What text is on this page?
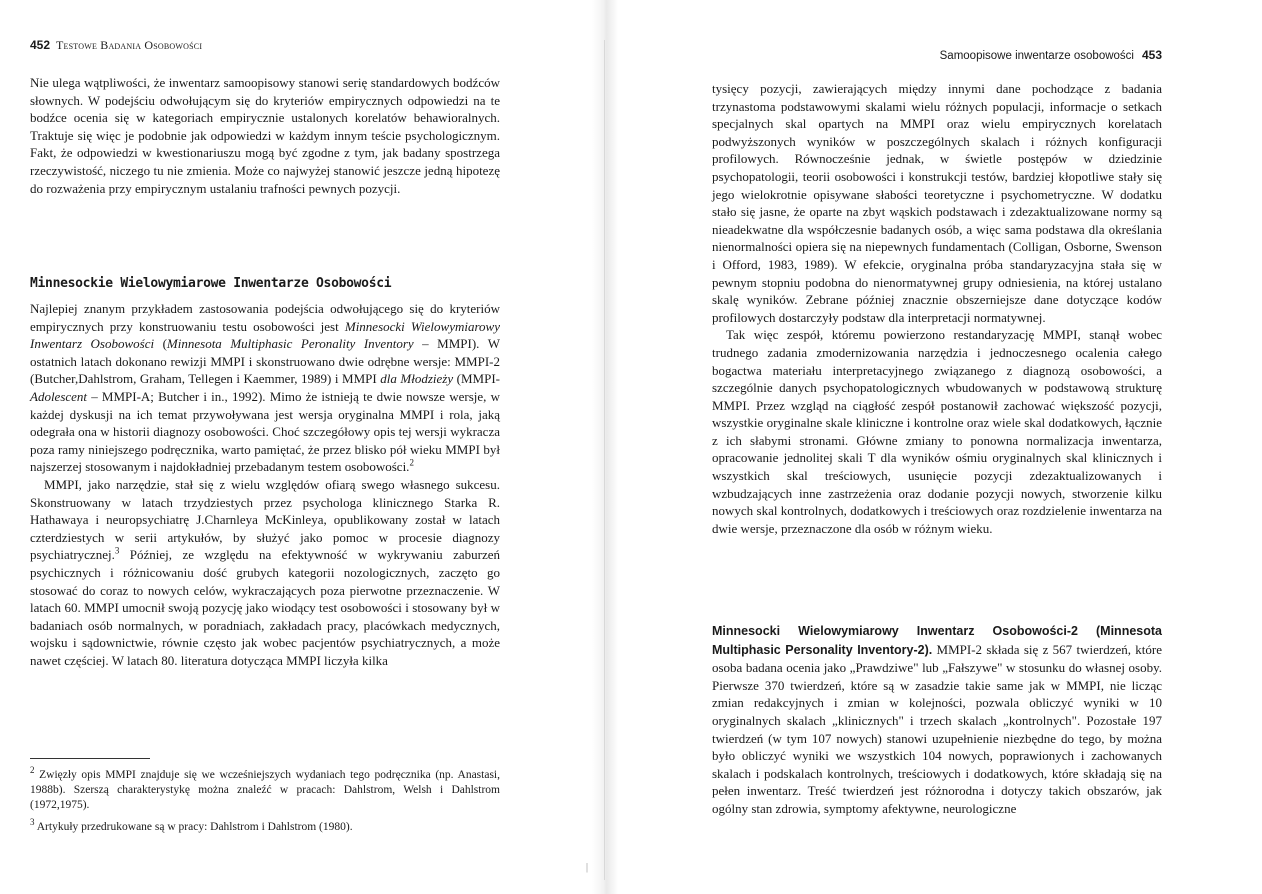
452 Testowe Badania Osobowości

Nie ulega wątpliwości, że inwentarz samoopisowy stanowi serię standardowych bodźców słownych. W podejściu odwołującym się do kryteriów empirycznych odpowiedzi na te bodźce ocenia się w kategoriach empirycznie ustalonych korelatów behawioralnych. Traktuje się więc je podobnie jak odpowiedzi w każdym innym teście psychologicznym. Fakt, że odpowiedzi w kwestionariuszu mogą być zgodne z tym, jak badany spostrzega rzeczywistość, niczego tu nie zmienia. Może co najwyżej stanowić jeszcze jedną hipotezę do rozważenia przy empirycznym ustalaniu trafności pewnych pozycji.

Minnesockie Wielowymiarowe Inwentarze Osobowości

Najlepiej znanym przykładem zastosowania podejścia odwołującego się do kryteriów empirycznych przy konstruowaniu testu osobowości jest Minnesocki Wielowymiarowy Inwentarz Osobowości (Minnesota Multiphasic Peronality Inventory – MMPI). W ostatnich latach dokonano rewizji MMPI i skonstruowano dwie odrębne wersje: MMPI-2 (Butcher,Dahlstrom, Graham, Tellegen i Kaemmer, 1989) i MMPI dla Młodzieży (MMPI-Adolescent – MMPI-A; Butcher i in., 1992). Mimo że istnieją te dwie nowsze wersje, w każdej dyskusji na ich temat przywoływana jest wersja oryginalna MMPI i rola, jaką odegrała ona w historii diagnozy osobowości. Choć szczegółowy opis tej wersji wykracza poza ramy niniejszego podręcznika, warto pamiętać, że przez blisko pół wieku MMPI był najszerzej stosowanym i najdokładniej przebadanym testem osobowości.$^2$

MMPI, jako narzędzie, stał się z wielu względów ofiarą swego własnego sukcesu. Skonstruowany w latach trzydziestych przez psychologa klinicznego Starka R. Hathawaya i neuropsychiatrę J.Charnleya McKinleya, opublikowany został w latach czterdziestych w serii artykułów, by służyć jako pomoc w procesie diagnozy psychiatrycznej.$^3$ Później, ze względu na efektywność w wykrywaniu zaburzeń psychicznych i różnicowaniu dość grubych kategorii nozologicznych, zaczęto go stosować do coraz to nowych celów, wykraczających poza pierwotne przeznaczenie. W latach 60. MMPI umocnił swoją pozycję jako wiodący test osobowości i stosowany był w badaniach osób normalnych, w poradniach, zakładach pracy, placówkach medycznych, wojsku i sądownictwie, równie często jak wobec pacjentów psychiatrycznych, a może nawet częściej. W latach 80. literatura dotycząca MMPI liczyła kilka

$^2$ Zwięzły opis MMPI znajduje się we wcześniejszych wydaniach tego podręcznika (np. Anastasi, 1988b). Szerszą charakterystykę można znaleźć w pracach: Dahlstrom, Welsh i Dahlstrom (1972,1975).

$^3$ Artykuły przedrukowane są w pracy: Dahlstrom i Dahlstrom (1980).

Samoopisowe inwentarze osobowości 453

tysięcy pozycji, zawierających między innymi dane pochodzące z badania trzynastoma podstawowymi skalami wielu różnych populacji, informacje o setkach specjalnych skal opartych na MMPI oraz wielu empirycznych korelatach podwyższonych wyników w poszczególnych skalach i różnych konfiguracji profilowych. Równocześnie jednak, w świetle postępów w dziedzinie psychopatologii, teorii osobowości i konstrukcji testów, bardziej kłopotliwe stały się jego wielokrotnie opisywane słabości teoretyczne i psychometryczne. W dodatku stało się jasne, że oparte na zbyt wąskich podstawach i zdezaktualizowane normy są nieadekwatne dla współczesnie badanych osób, a więc sama podstawa dla określania nienormalności opiera się na niepewnych fundamentach (Colligan, Osborne, Swenson i Offord, 1983, 1989). W efekcie, oryginalna próba standaryzacyjna stała się w pewnym stopniu podobna do nienormatywnej grupy odniesienia, na której ustalano skalę wyników. Zebrane później znacznie obszerniejsze dane dotyczące kodów profilowych dostarczyły podstaw dla interpretacji normatywnej.

Tak więc zespół, któremu powierzono restandaryzację MMPI, stanął wobec trudnego zadania zmodernizowania narzędzia i jednoczesnego ocalenia całego bogactwa materiału interpretacyjnego związanego z diagnozą osobowości, a szczególnie danych psychopatologicznych wbudowanych w podstawową strukturę MMPI. Przez wzgląd na ciągłość zespół postanowił zachować większość pozycji, wszystkie oryginalne skale kliniczne i kontrolne oraz wiele skal dodatkowych, łącznie z ich słabymi stronami. Główne zmiany to ponowna normalizacja inwentarza, opracowanie jednolitej skali T dla wyników ośmiu oryginalnych skal klinicznych i wszystkich skal treściowych, usunięcie pozycji zdezaktualizowanych i wzbudzających inne zastrzeżenia oraz dodanie pozycji nowych, stworzenie kilku nowych skal kontrolnych, dodatkowych i treściowych oraz rozdzielenie inwentarza na dwie wersje, przeznaczone dla osób w różnym wieku.

Minnesocki Wielowymiarowy Inwentarz Osobowości-2 (Minnesota Multiphasic Personality Inventory-2). MMPI-2 składa się z 567 twierdzeń, które osoba badana ocenia jako „Prawdziwe" lub „Fałszywe" w stosunku do własnej osoby. Pierwsze 370 twierdzeń, które są w zasadzie takie same jak w MMPI, nie licząc zmian redakcyjnych i zmian w kolejności, pozwala obliczyć wyniki w 10 oryginalnych skalach „klinicznych" i trzech skalach „kontrolnych". Pozostałe 197 twierdzeń (w tym 107 nowych) stanowi uzupełnienie niezbędne do tego, by można było obliczyć wyniki we wszystkich 104 nowych, poprawionych i zachowanych skalach i podskalach kontrolnych, treściowych i dodatkowych, które składają się na pełen inwentarz. Treść twierdzeń jest różnorodna i dotyczy takich obszarów, jak ogólny stan zdrowia, symptomy afektywne, neurologiczne

|
